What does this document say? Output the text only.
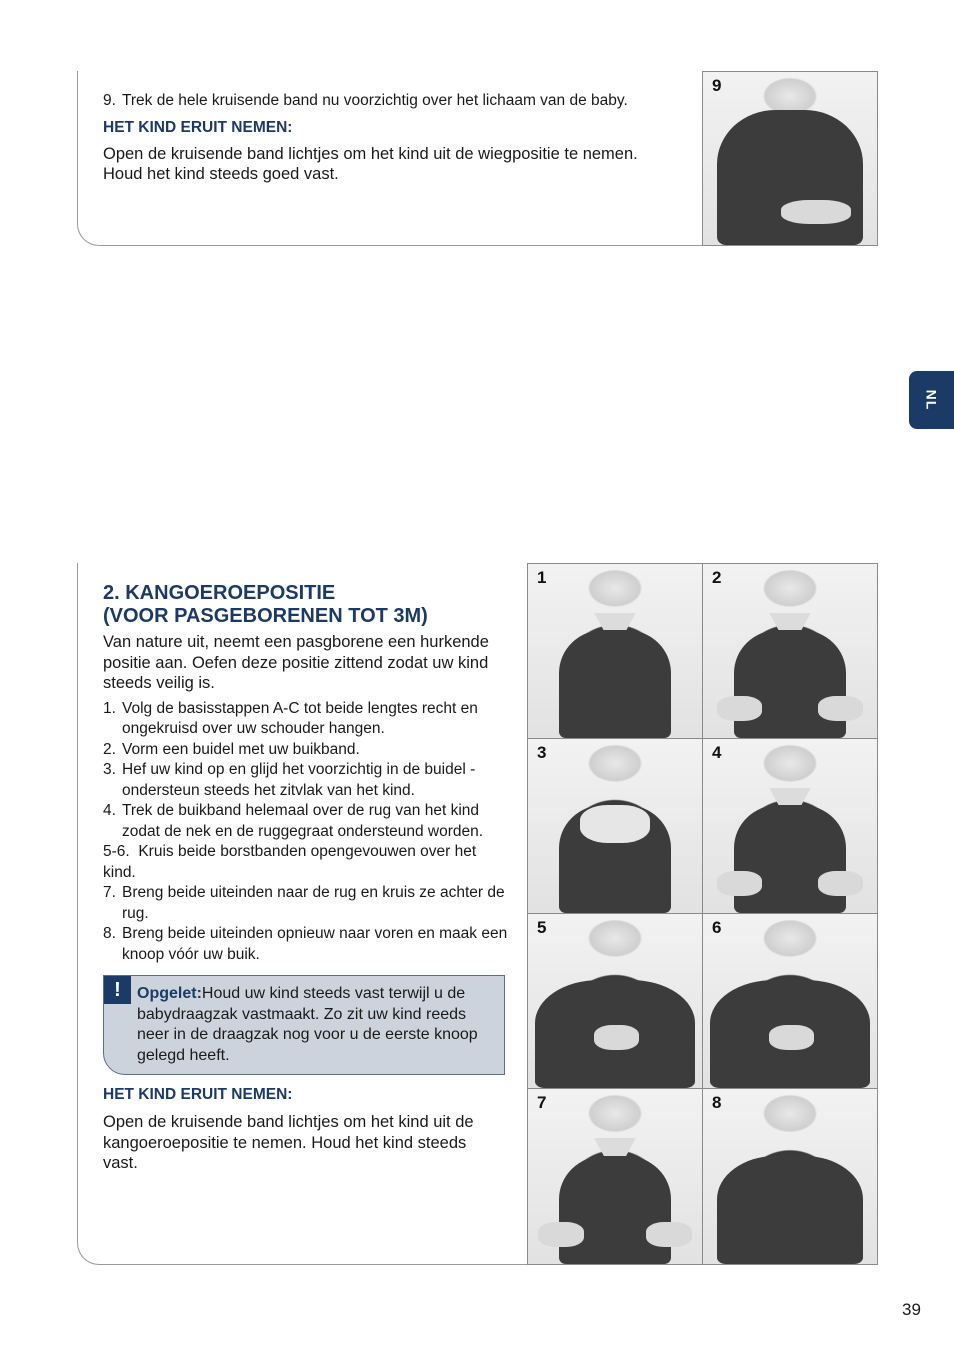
9. Trek de hele kruisende band nu voorzichtig over het lichaam van de baby.
HET KIND ERUIT NEMEN:
Open de kruisende band lichtjes om het kind uit de wiegpositie te nemen. Houd het kind steeds goed vast.
9
NL
2. KANGOEROEPOSITIE
(VOOR PASGEBORENEN TOT 3M)
Van nature uit, neemt een pasgborene een hurkende positie aan. Oefen deze positie zittend zodat uw kind steeds veilig is.
1. Volg de basisstappen A-C tot beide lengtes recht en ongekruisd over uw schouder hangen.
2. Vorm een buidel met uw buikband.
3. Hef uw kind op en glijd het voorzichtig in de buidel - ondersteun steeds het zitvlak van het kind.
4. Trek de buikband helemaal over de rug van het kind zodat de nek en de ruggegraat ondersteund worden.
5-6. Kruis beide borstbanden opengevouwen over het kind.
7. Breng beide uiteinden naar de rug en kruis ze achter de rug.
8. Breng beide uiteinden opnieuw naar voren en maak een knoop vóór uw buik.
!	Opgelet:Houd uw kind steeds vast terwijl u de babydraagzak vastmaakt. Zo zit uw kind reeds neer in de draagzak nog voor u de eerste knoop gelegd heeft.
HET KIND ERUIT NEMEN:
Open de kruisende band lichtjes om het kind uit de kangoeroepositie te nemen. Houd het kind steeds vast.
1	2
3	4
5	6
7	8
39
